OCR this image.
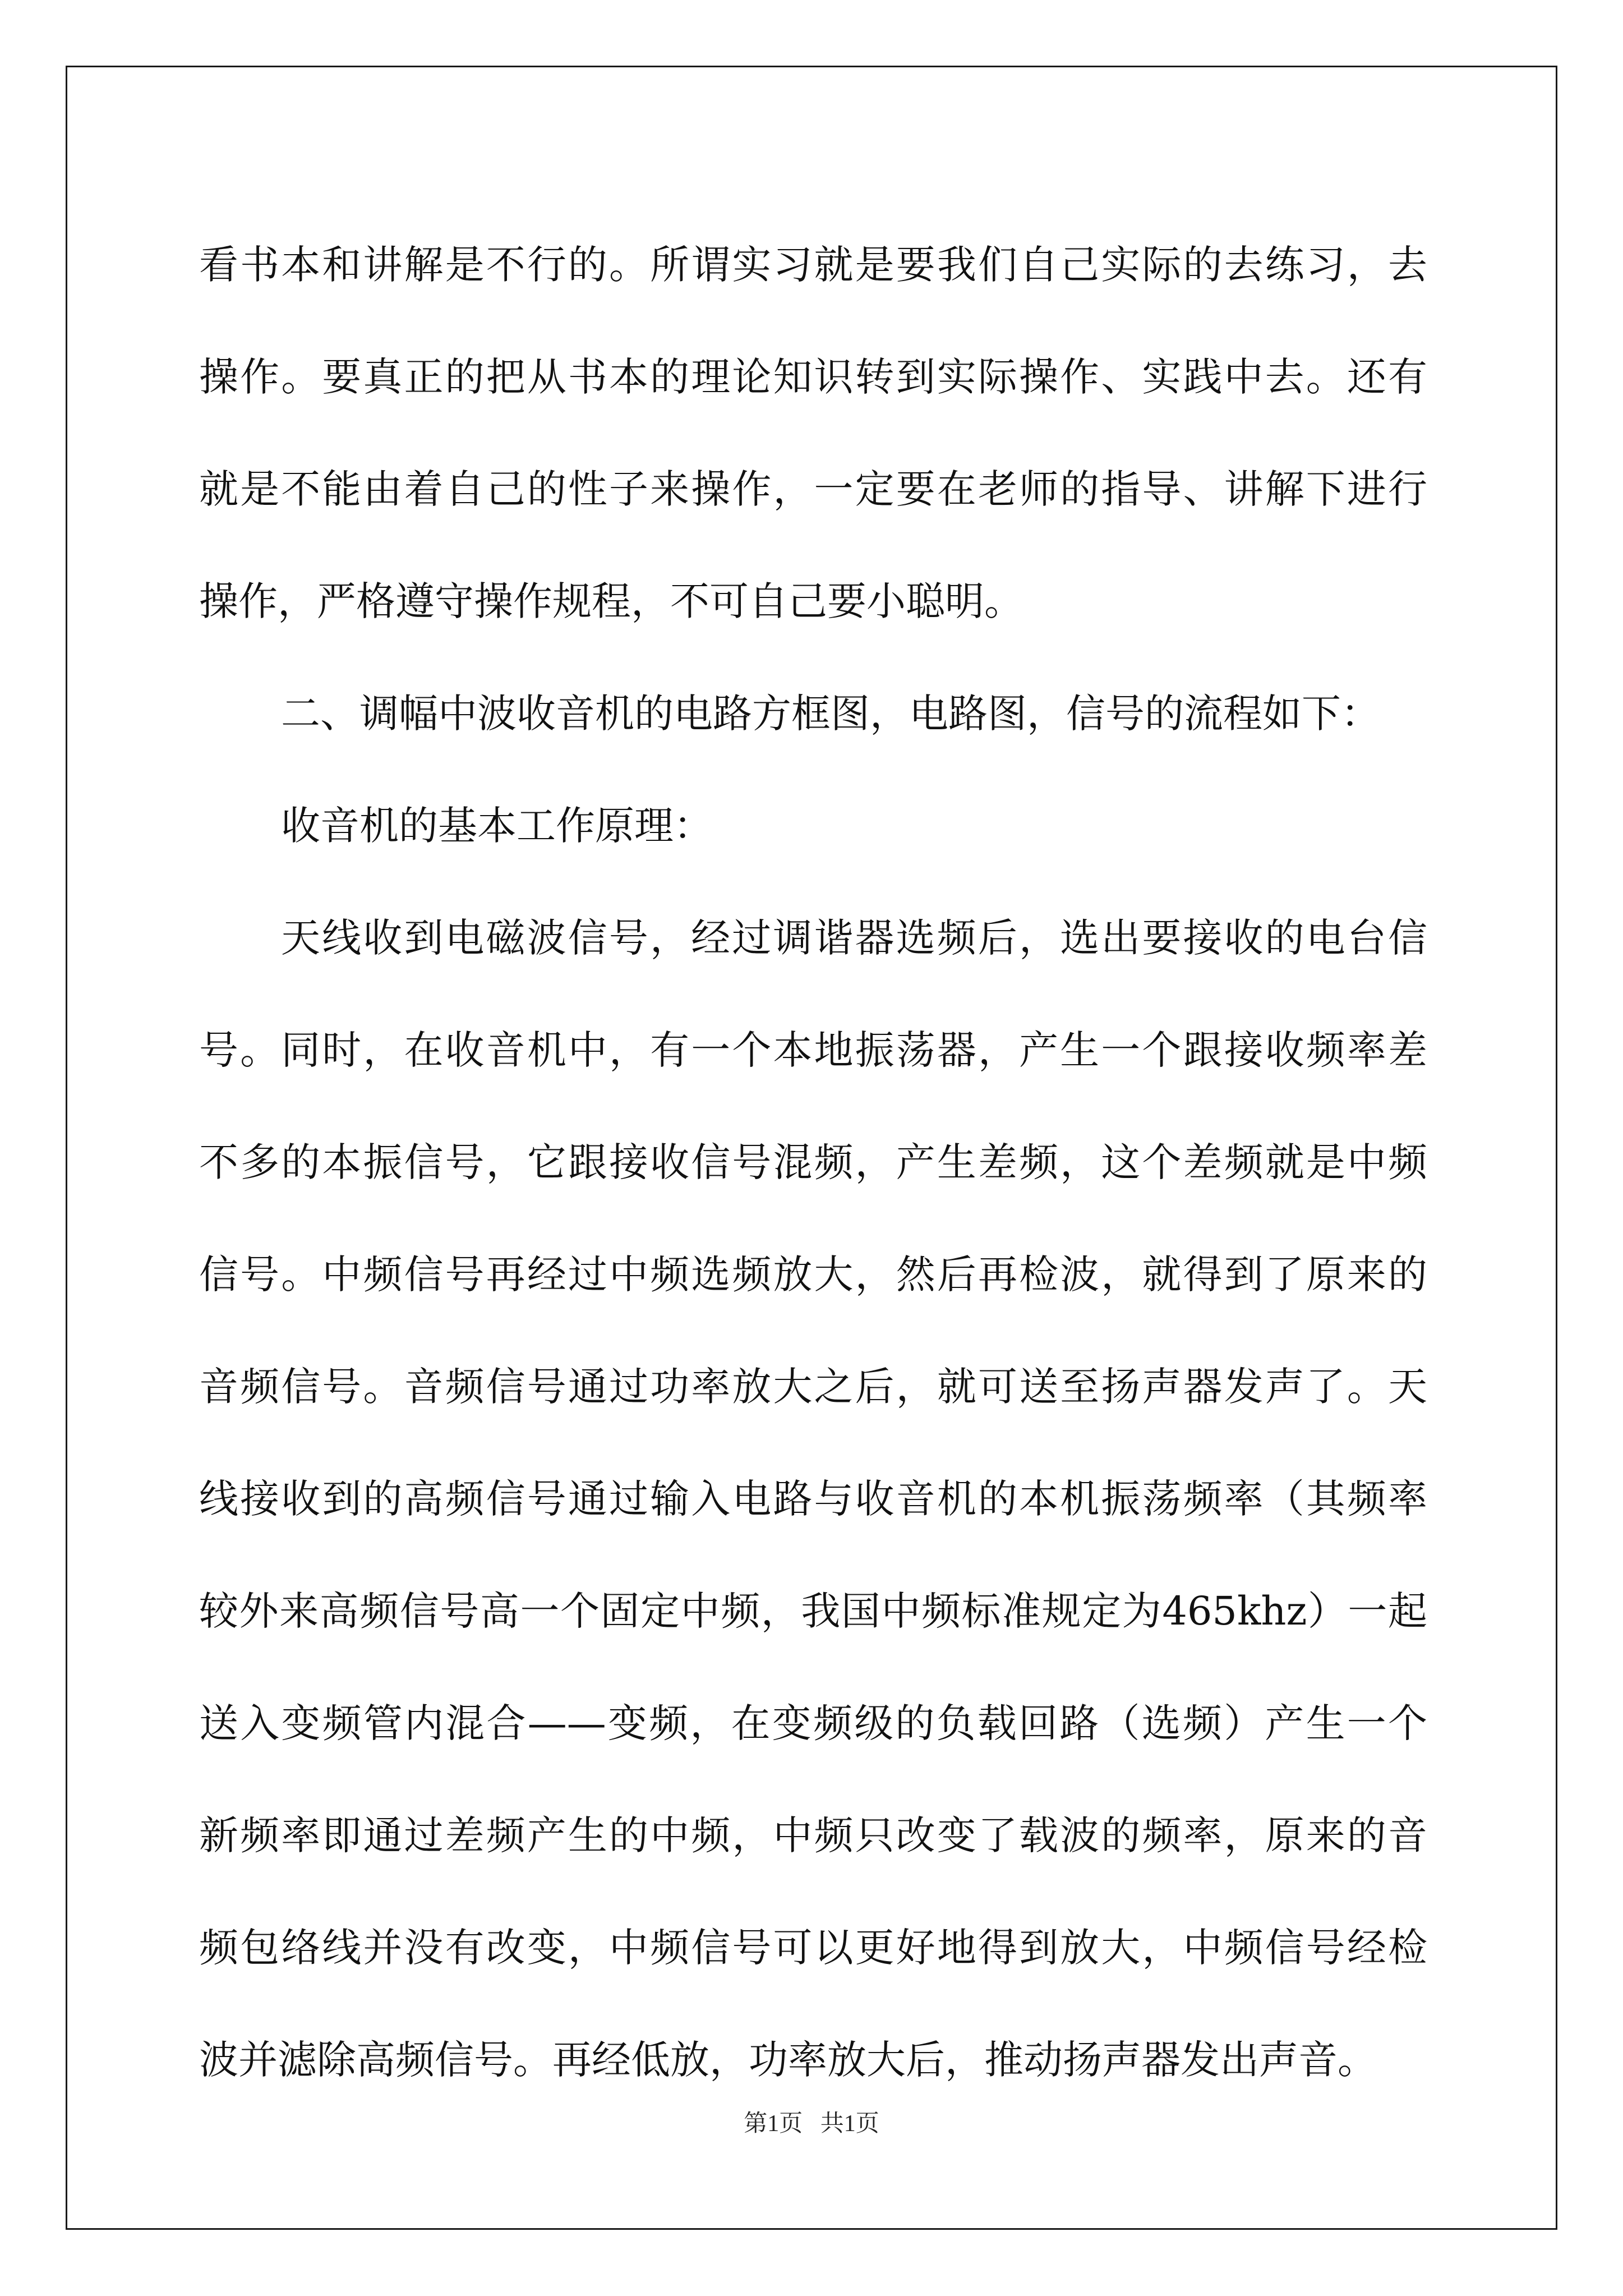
看书本和讲解是不行的。所谓实习就是要我们自己实际的去练习，去
操作。要真正的把从书本的理论知识转到实际操作、实践中去。还有
就是不能由着自己的性子来操作，一定要在老师的指导、讲解下进行
操作，严格遵守操作规程，不可自己要小聪明。
二、调幅中波收音机的电路方框图，电路图，信号的流程如下：
收音机的基本工作原理：
天线收到电磁波信号，经过调谐器选频后，选出要接收的电台信
号。同时，在收音机中，有一个本地振荡器，产生一个跟接收频率差
不多的本振信号，它跟接收信号混频，产生差频，这个差频就是中频
信号。中频信号再经过中频选频放大，然后再检波，就得到了原来的
音频信号。音频信号通过功率放大之后，就可送至扬声器发声了。天
线接收到的高频信号通过输入电路与收音机的本机振荡频率（其频率
较外来高频信号高一个固定中频，我国中频标准规定为465khz）一起
送入变频管内混合——变频，在变频级的负载回路（选频）产生一个
新频率即通过差频产生的中频，中频只改变了载波的频率，原来的音
频包络线并没有改变，中频信号可以更好地得到放大，中频信号经检
波并滤除高频信号。再经低放，功率放大后，推动扬声器发出声音。
第1页   共1页
